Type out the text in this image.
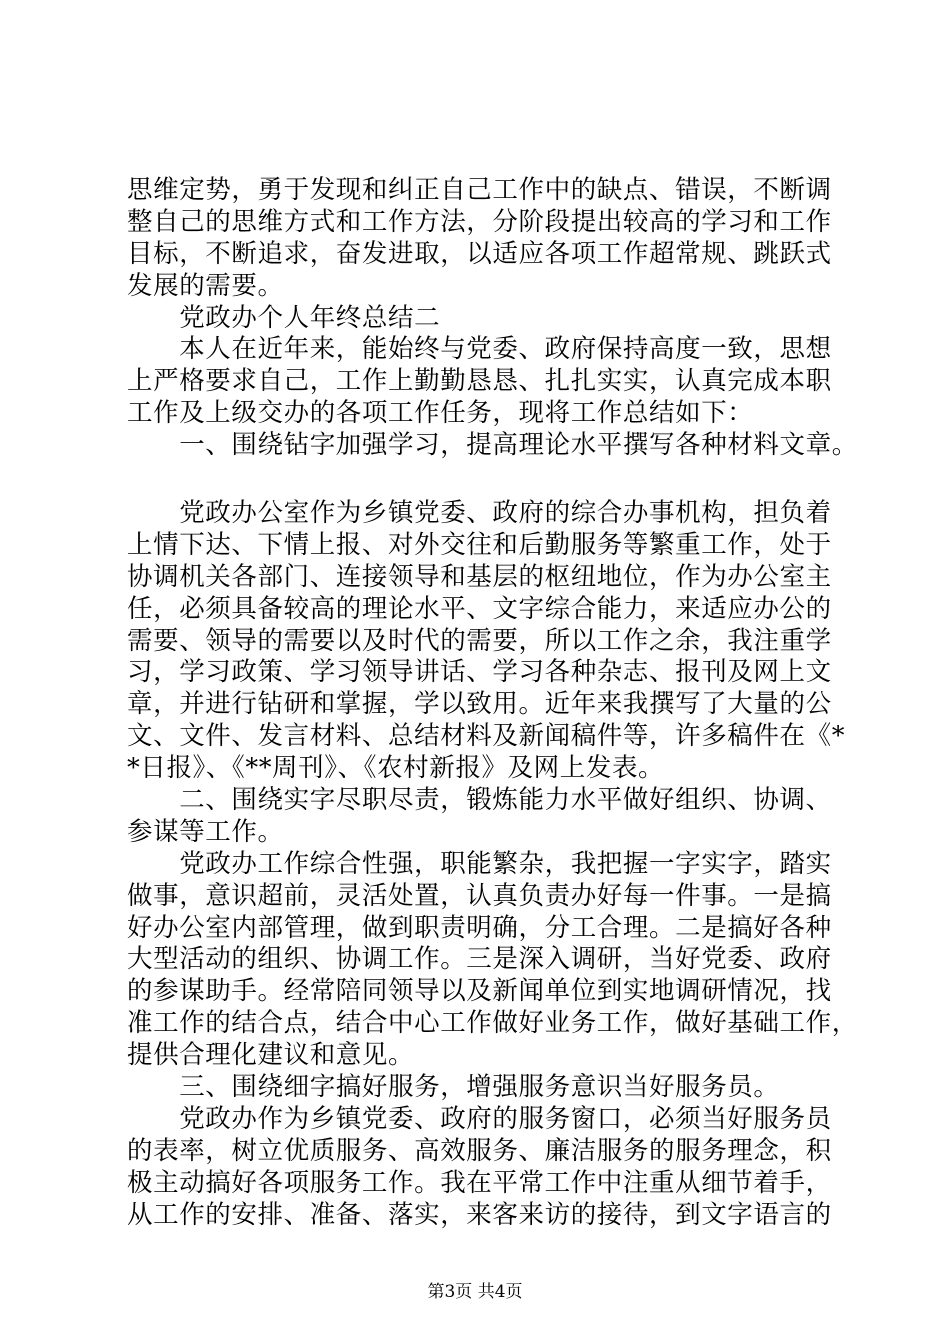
思维定势，勇于发现和纠正自己工作中的缺点、错误，不断调
整自己的思维方式和工作方法，分阶段提出较高的学习和工作
目标，不断追求，奋发进取，以适应各项工作超常规、跳跃式
发展的需要。
　　党政办个人年终总结二
　　本人在近年来，能始终与党委、政府保持高度一致，思想
上严格要求自己，工作上勤勤恳恳、扎扎实实，认真完成本职
工作及上级交办的各项工作任务，现将工作总结如下：
　　一、围绕钻字加强学习，提高理论水平撰写各种材料文章。
　　党政办公室作为乡镇党委、政府的综合办事机构，担负着
上情下达、下情上报、对外交往和后勤服务等繁重工作，处于
协调机关各部门、连接领导和基层的枢纽地位，作为办公室主
任，必须具备较高的理论水平、文字综合能力，来适应办公的
需要、领导的需要以及时代的需要，所以工作之余，我注重学
习，学习政策、学习领导讲话、学习各种杂志、报刊及网上文
章，并进行钻研和掌握，学以致用。近年来我撰写了大量的公
文、文件、发言材料、总结材料及新闻稿件等，许多稿件在《*
*日报》、《**周刊》、《农村新报》及网上发表。
　　二、围绕实字尽职尽责，锻炼能力水平做好组织、协调、
参谋等工作。
　　党政办工作综合性强，职能繁杂，我把握一字实字，踏实
做事，意识超前，灵活处置，认真负责办好每一件事。一是搞
好办公室内部管理，做到职责明确，分工合理。二是搞好各种
大型活动的组织、协调工作。三是深入调研，当好党委、政府
的参谋助手。经常陪同领导以及新闻单位到实地调研情况，找
准工作的结合点，结合中心工作做好业务工作，做好基础工作，
提供合理化建议和意见。
　　三、围绕细字搞好服务，增强服务意识当好服务员。
　　党政办作为乡镇党委、政府的服务窗口，必须当好服务员
的表率，树立优质服务、高效服务、廉洁服务的服务理念，积
极主动搞好各项服务工作。我在平常工作中注重从细节着手，
从工作的安排、准备、落实，来客来访的接待，到文字语言的
第3页 共4页
